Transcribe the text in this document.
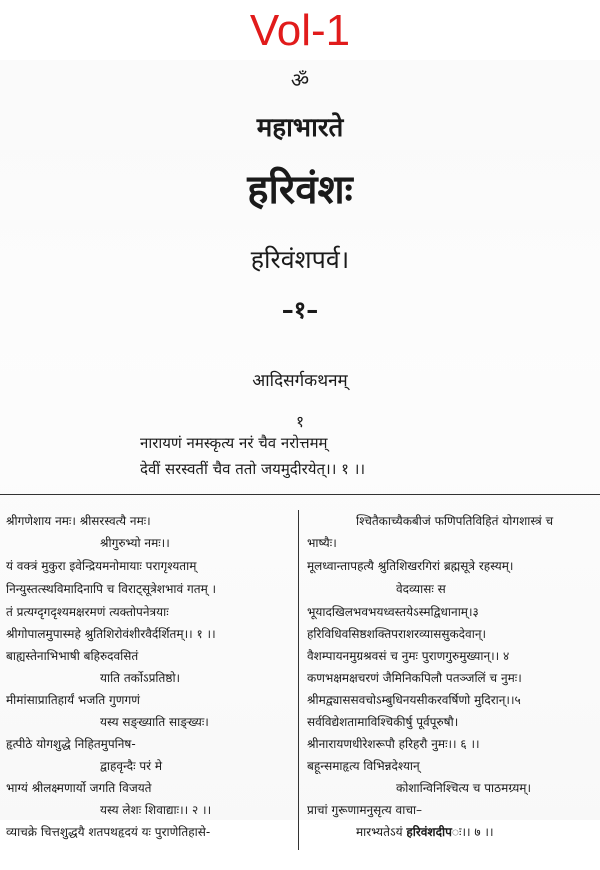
Vol-1
ॐ
महाभारते
हरिवंशः
हरिवंशपर्व।
–१–
आदिसर्गकथनम्
१
नारायणं नमस्कृत्य नरं चैव नरोत्तमम्
देवीं सरस्वतीं चैव ततो जयमुदीरयेत्।। १ ।।
श्रीगणेशाय नमः। श्रीसरस्वत्यै नमः।
श्रीगुरुभ्यो नमः।।
यं वक्त्रं मुकुरा इवेन्द्रियमनोमायाः परागृश्यताम्
निन्युस्तत्स्थविमादिनापि च विराट्सूत्रेशभावं गतम् ।
तं प्रत्यग्दृगदृश्यमक्षरमणं त्यक्तोपनेत्रयाः
श्रीगोपालमुपास्महे श्रुतिशिरोवंशीरवैर्दर्शितम्।। १ ।।
बाह्यस्तेनाभिभाषी बहिरुदवसितं
याति तर्कोऽप्रतिष्ठो।
मीमांसाप्रातिहार्यं भजति गुणगणं
यस्य सङ्ख्याति साङ्ख्यः।
हृत्पीठे योगशुद्धे निहितमुपनिष-
द्वाहवृन्दैः परं मे
भाग्यं श्रीलक्ष्मणार्यो जगति विजयते
यस्य लेशः शिवाद्याः।। २ ।।
व्याचक्रे चित्तशुद्धयै शतपथहृदयं यः पुराणेतिहासे-
श्चितैकाच्यैकबीजं फणिपतिविहितं योगशास्त्रं च
भाष्यैः।
मूलध्वान्तापहत्यै श्रुतिशिखरगिरां ब्रह्मसूत्रे रहस्यम्।
वेदव्यासः स
भूयादखिलभवभयध्वस्तयेऽस्मद्विधानाम्।३
हरिविधिवसिष्ठशक्तिपराशरव्याससुकदेवान्।
वैशम्पायनमुग्रश्रवसं च नुमः पुराणगुरुमुख्यान्।। ४
कणभक्षमक्षचरणं जैमिनिकपिलौ पतञ्जलिं च नुमः।
श्रीमद्व्याससवचोऽम्बुधिनयसीकरवर्षिणो मुदिरान्।।५
सर्वविद्येशतामाविश्चिकीर्षु पूर्वपूरुषौ।
श्रीनारायणधीरेशरूपौ हरिहरौ नुमः।। ६ ।।
बहून्समाहृत्य विभिन्नदेश्यान्
कोशान्विनिश्चित्य च पाठमग्र्यम्।
प्राचां गुरूणामनुसृत्य वाचा–
मारभ्यतेऽयं हरिवंशदीपः।। ७ ।।
